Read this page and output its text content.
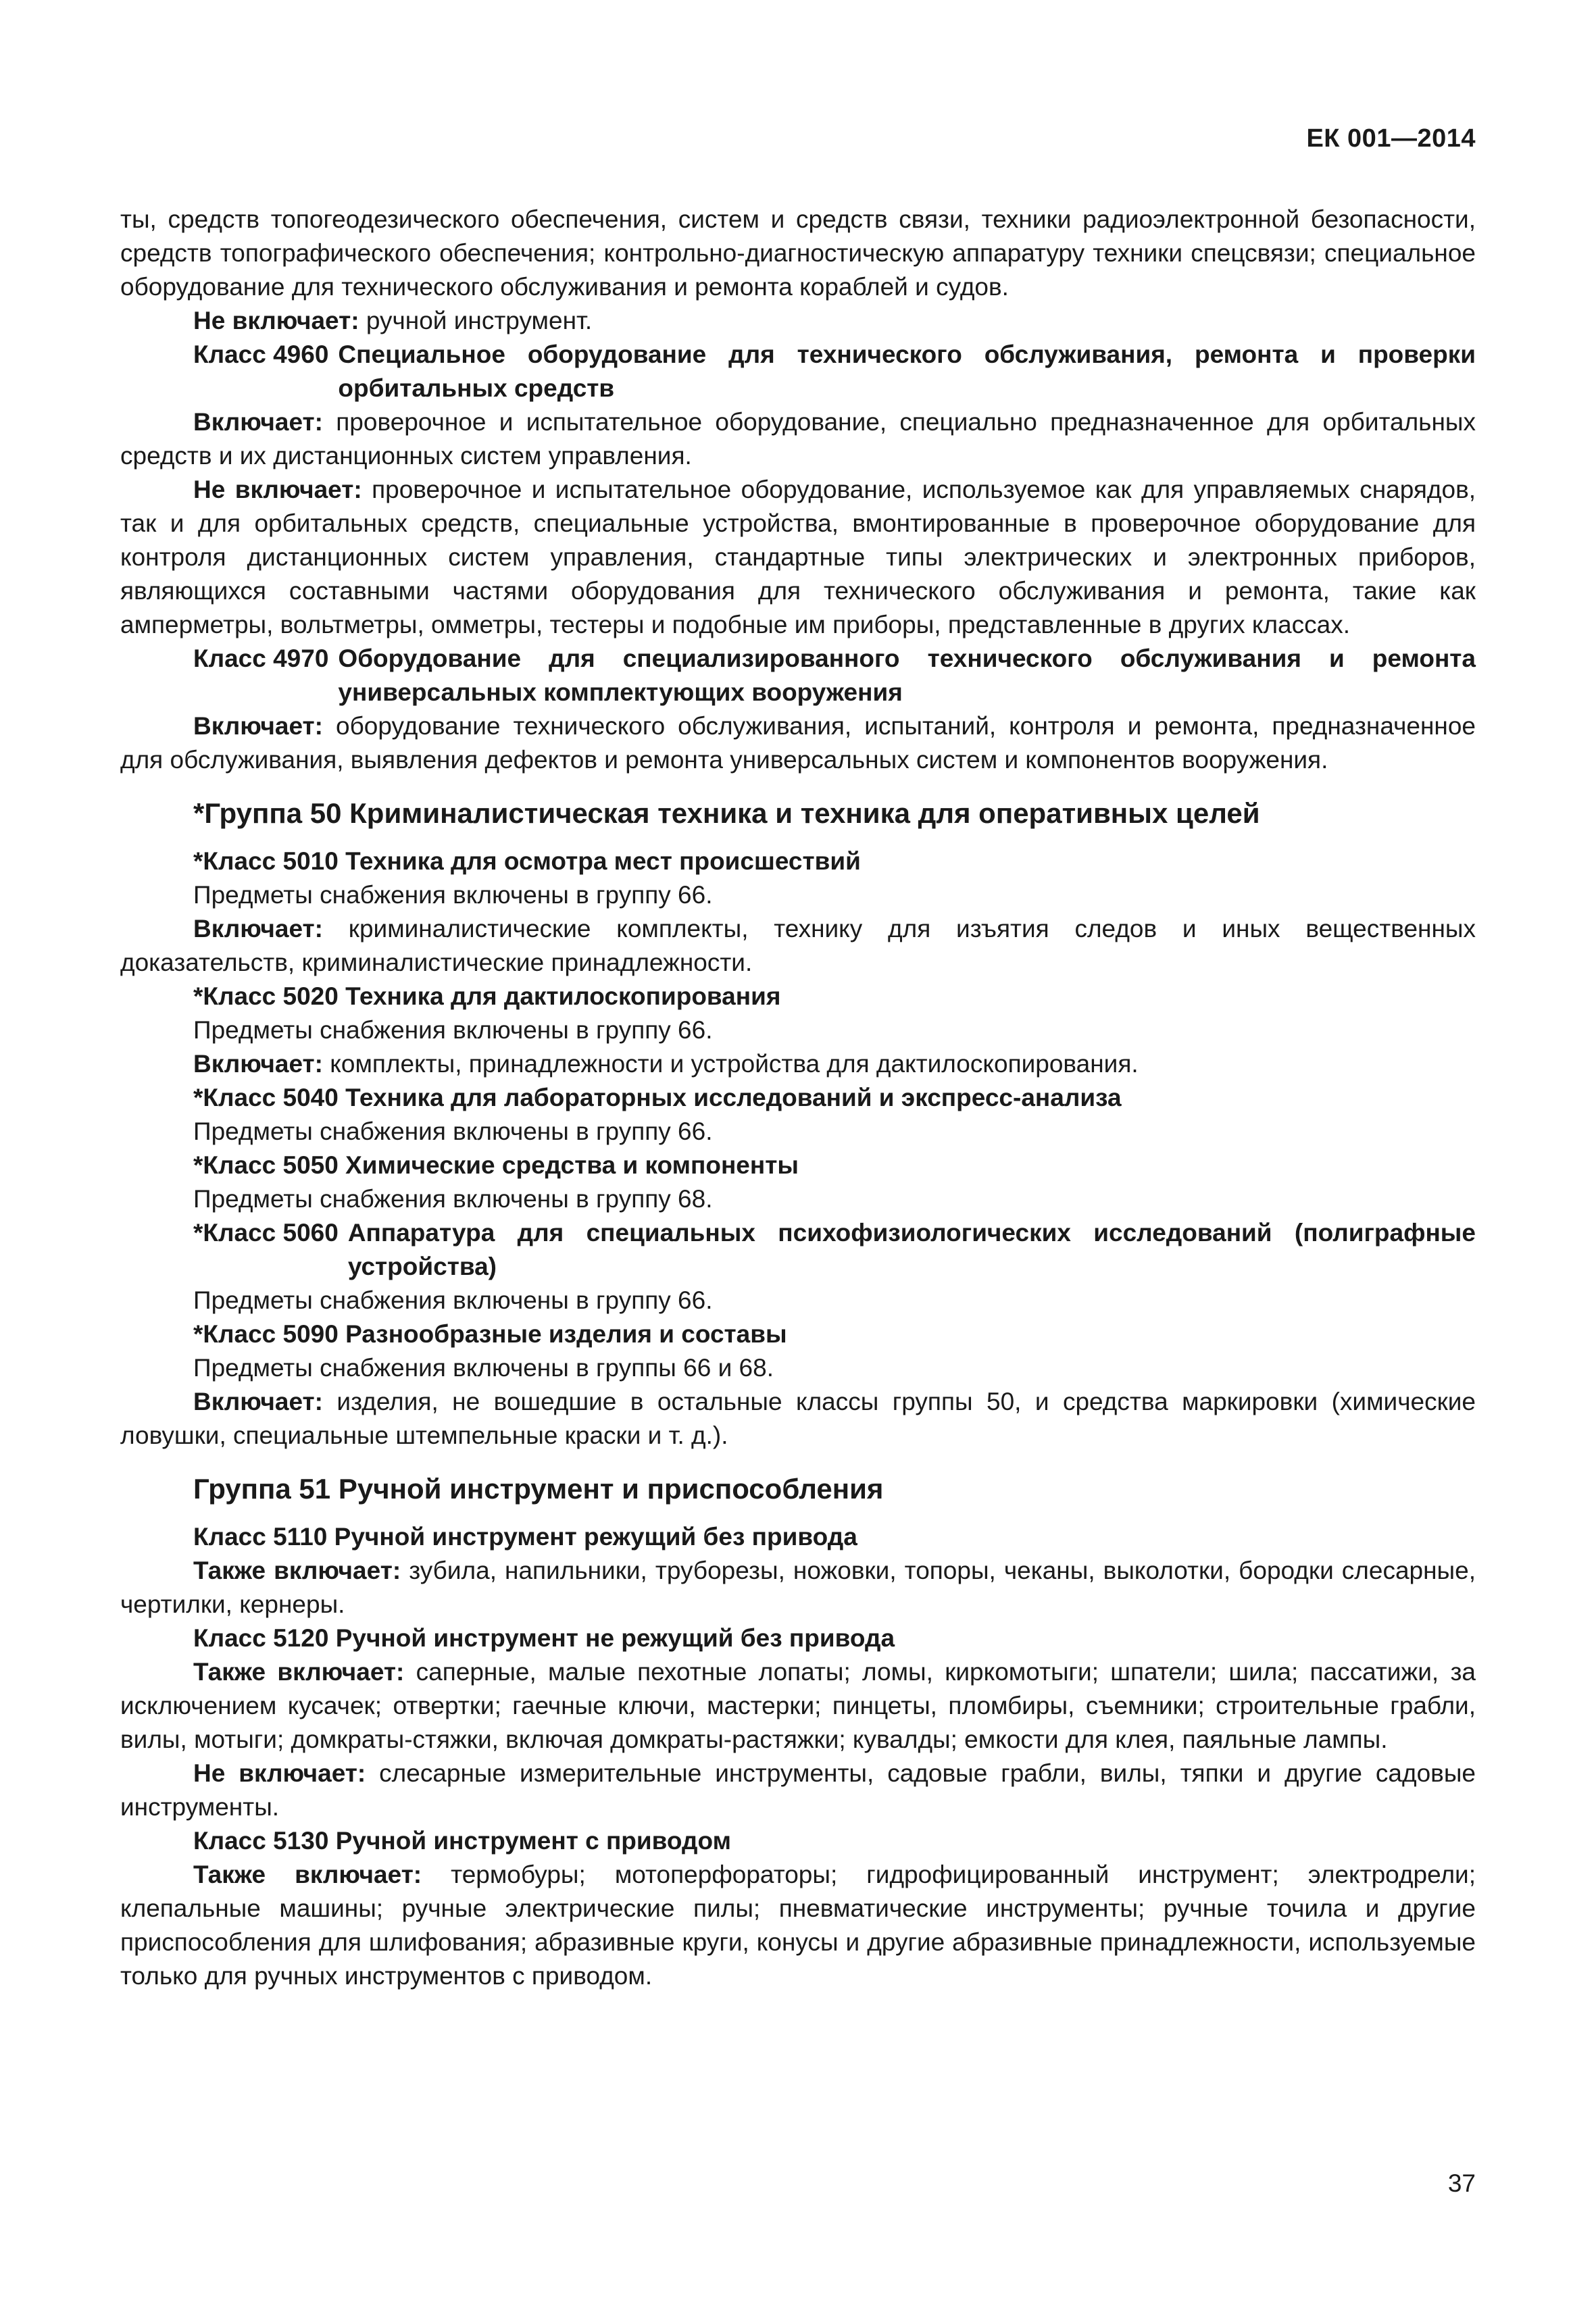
ЕК 001—2014

ты, средств топогеодезического обеспечения, систем и средств связи, техники радиоэлектронной безопасности, средств топографического обеспечения; контрольно-диагностическую аппаратуру техники спецсвязи; специальное оборудование для технического обслуживания и ремонта кораблей и судов.

Не включает: ручной инструмент.

Класс 4960 Специальное оборудование для технического обслуживания, ремонта и проверки орбитальных средств

Включает: проверочное и испытательное оборудование, специально предназначенное для орбитальных средств и их дистанционных систем управления.

Не включает: проверочное и испытательное оборудование, используемое как для управляемых снарядов, так и для орбитальных средств, специальные устройства, вмонтированные в проверочное оборудование для контроля дистанционных систем управления, стандартные типы электрических и электронных приборов, являющихся составными частями оборудования для технического обслуживания и ремонта, такие как амперметры, вольтметры, омметры, тестеры и подобные им приборы, представленные в других классах.

Класс 4970 Оборудование для специализированного технического обслуживания и ремонта универсальных комплектующих вооружения

Включает: оборудование технического обслуживания, испытаний, контроля и ремонта, предназначенное для обслуживания, выявления дефектов и ремонта универсальных систем и компонентов вооружения.

*Группа 50 Криминалистическая техника и техника для оперативных целей
*Класс 5010 Техника для осмотра мест происшествий

Предметы снабжения включены в группу 66.

Включает: криминалистические комплекты, технику для изъятия следов и иных вещественных доказательств, криминалистические принадлежности.

*Класс 5020 Техника для дактилоскопирования

Предметы снабжения включены в группу 66.

Включает: комплекты, принадлежности и устройства для дактилоскопирования.

*Класс 5040 Техника для лабораторных исследований и экспресс-анализа

Предметы снабжения включены в группу 66.

*Класс 5050 Химические средства и компоненты

Предметы снабжения включены в группу 68.

*Класс 5060 Аппаратура для специальных психофизиологических исследований (полиграфные устройства)

Предметы снабжения включены в группу 66.

*Класс 5090 Разнообразные изделия и составы

Предметы снабжения включены в группы 66 и 68.

Включает: изделия, не вошедшие в остальные классы группы 50, и средства маркировки (химические ловушки, специальные штемпельные краски и т. д.).

Группа 51 Ручной инструмент и приспособления
Класс 5110 Ручной инструмент режущий без привода

Также включает: зубила, напильники, труборезы, ножовки, топоры, чеканы, выколотки, бородки слесарные, чертилки, кернеры.

Класс 5120 Ручной инструмент не режущий без привода

Также включает: саперные, малые пехотные лопаты; ломы, киркомотыги; шпатели; шила; пассатижи, за исключением кусачек; отвертки; гаечные ключи, мастерки; пинцеты, пломбиры, съемники; строительные грабли, вилы, мотыги; домкраты-стяжки, включая домкраты-растяжки; кувалды; емкости для клея, паяльные лампы.

Не включает: слесарные измерительные инструменты, садовые грабли, вилы, тяпки и другие садовые инструменты.

Класс 5130 Ручной инструмент с приводом

Также включает: термобуры; мотоперфораторы; гидрофицированный инструмент; электродрели; клепальные машины; ручные электрические пилы; пневматические инструменты; ручные точила и другие приспособления для шлифования; абразивные круги, конусы и другие абразивные принадлежности, используемые только для ручных инструментов с приводом.

37
